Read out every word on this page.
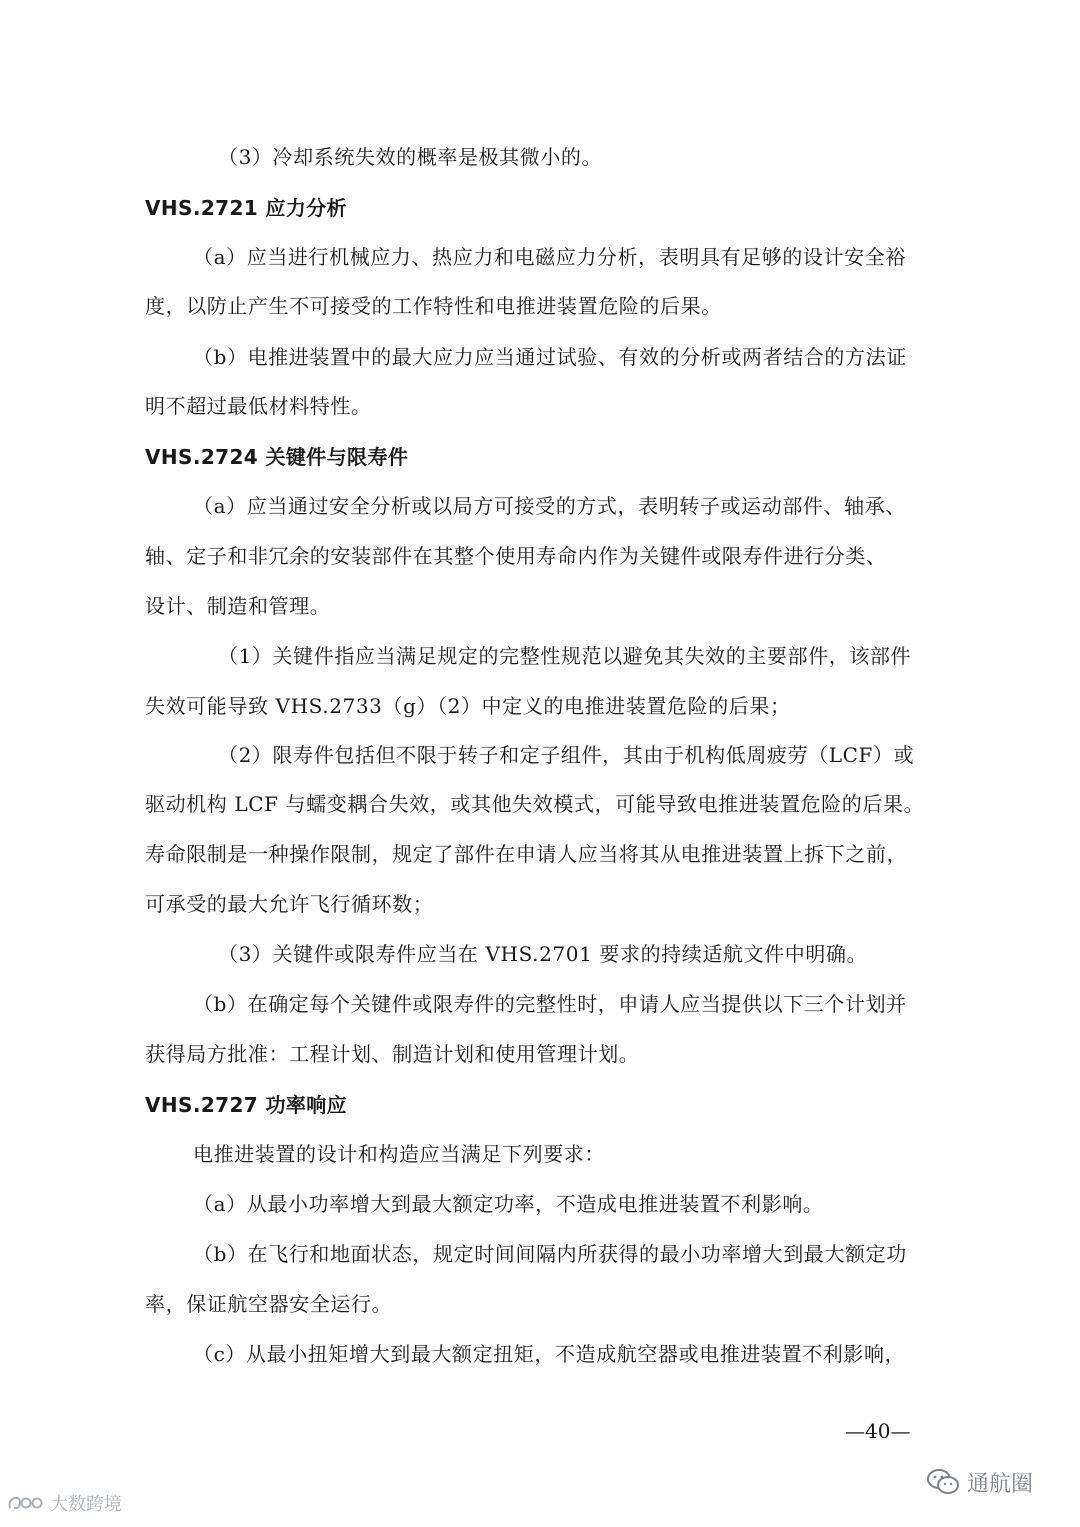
（3）冷却系统失效的概率是极其微小的。
VHS.2721 应力分析
（a）应当进行机械应力、热应力和电磁应力分析，表明具有足够的设计安全裕
度，以防止产生不可接受的工作特性和电推进装置危险的后果。
（b）电推进装置中的最大应力应当通过试验、有效的分析或两者结合的方法证
明不超过最低材料特性。
VHS.2724 关键件与限寿件
（a）应当通过安全分析或以局方可接受的方式，表明转子或运动部件、轴承、
轴、定子和非冗余的安装部件在其整个使用寿命内作为关键件或限寿件进行分类、
设计、制造和管理。
（1）关键件指应当满足规定的完整性规范以避免其失效的主要部件，该部件
失效可能导致 VHS.2733（g）（2）中定义的电推进装置危险的后果；
（2）限寿件包括但不限于转子和定子组件，其由于机构低周疲劳（LCF）或
驱动机构 LCF 与蠕变耦合失效，或其他失效模式，可能导致电推进装置危险的后果。
寿命限制是一种操作限制，规定了部件在申请人应当将其从电推进装置上拆下之前，
可承受的最大允许飞行循环数；
（3）关键件或限寿件应当在 VHS.2701 要求的持续适航文件中明确。
（b）在确定每个关键件或限寿件的完整性时，申请人应当提供以下三个计划并
获得局方批准：工程计划、制造计划和使用管理计划。
VHS.2727 功率响应
电推进装置的设计和构造应当满足下列要求：
（a）从最小功率增大到最大额定功率，不造成电推进装置不利影响。
（b）在飞行和地面状态，规定时间间隔内所获得的最小功率增大到最大额定功
率，保证航空器安全运行。
（c）从最小扭矩增大到最大额定扭矩，不造成航空器或电推进装置不利影响，
—40—
大数跨境
通航圈
